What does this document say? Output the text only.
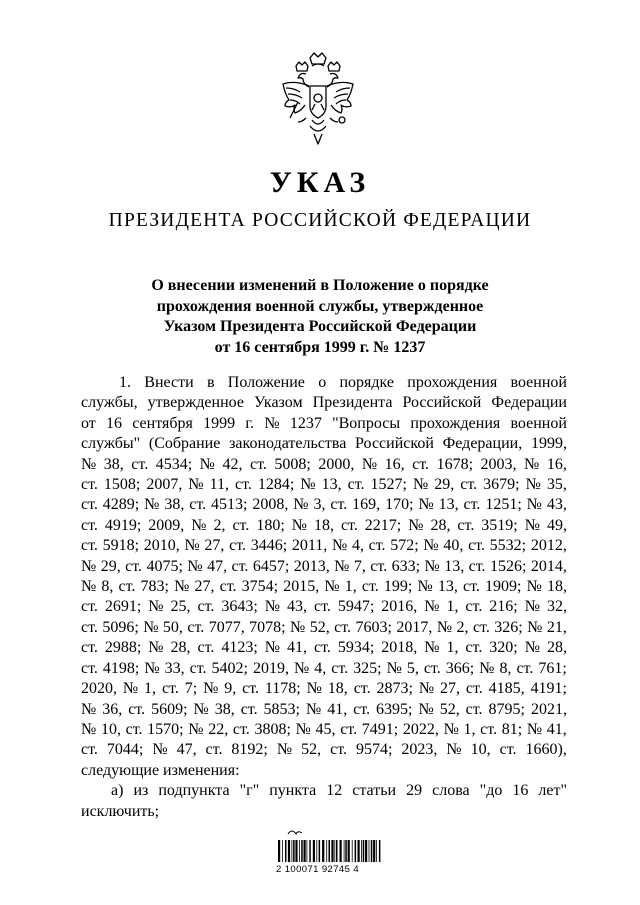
УКАЗ
ПРЕЗИДЕНТА РОССИЙСКОЙ ФЕДЕРАЦИИ
О внесении изменений в Положение о порядке
прохождения военной службы, утвержденное
Указом Президента Российской Федерации
от 16 сентября 1999 г. № 1237
1. Внести в Положение о порядке прохождения военной
службы, утвержденное Указом Президента Российской Федерации
от 16 сентября 1999 г. № 1237 "Вопросы прохождения военной
службы" (Собрание законодательства Российской Федерации, 1999,
№ 38, ст. 4534; № 42, ст. 5008; 2000, № 16, ст. 1678; 2003, № 16,
ст. 1508; 2007, № 11, ст. 1284; № 13, ст. 1527; № 29, ст. 3679; № 35,
ст. 4289; № 38, ст. 4513; 2008, № 3, ст. 169, 170; № 13, ст. 1251; № 43,
ст. 4919; 2009, № 2, ст. 180; № 18, ст. 2217; № 28, ст. 3519; № 49,
ст. 5918; 2010, № 27, ст. 3446; 2011, № 4, ст. 572; № 40, ст. 5532; 2012,
№ 29, ст. 4075; № 47, ст. 6457; 2013, № 7, ст. 633; № 13, ст. 1526; 2014,
№ 8, ст. 783; № 27, ст. 3754; 2015, № 1, ст. 199; № 13, ст. 1909; № 18,
ст. 2691; № 25, ст. 3643; № 43, ст. 5947; 2016, № 1, ст. 216; № 32,
ст. 5096; № 50, ст. 7077, 7078; № 52, ст. 7603; 2017, № 2, ст. 326; № 21,
ст. 2988; № 28, ст. 4123; № 41, ст. 5934; 2018, № 1, ст. 320; № 28,
ст. 4198; № 33, ст. 5402; 2019, № 4, ст. 325; № 5, ст. 366; № 8, ст. 761;
2020, № 1, ст. 7; № 9, ст. 1178; № 18, ст. 2873; № 27, ст. 4185, 4191;
№ 36, ст. 5609; № 38, ст. 5853; № 41, ст. 6395; № 52, ст. 8795; 2021,
№ 10, ст. 1570; № 22, ст. 3808; № 45, ст. 7491; 2022, № 1, ст. 81; № 41,
ст. 7044; № 47, ст. 8192; № 52, ст. 9574; 2023, № 10, ст. 1660),
следующие изменения:
а) из подпункта "г" пункта 12 статьи 29 слова "до 16 лет"
исключить;
2 100071 92745 4
